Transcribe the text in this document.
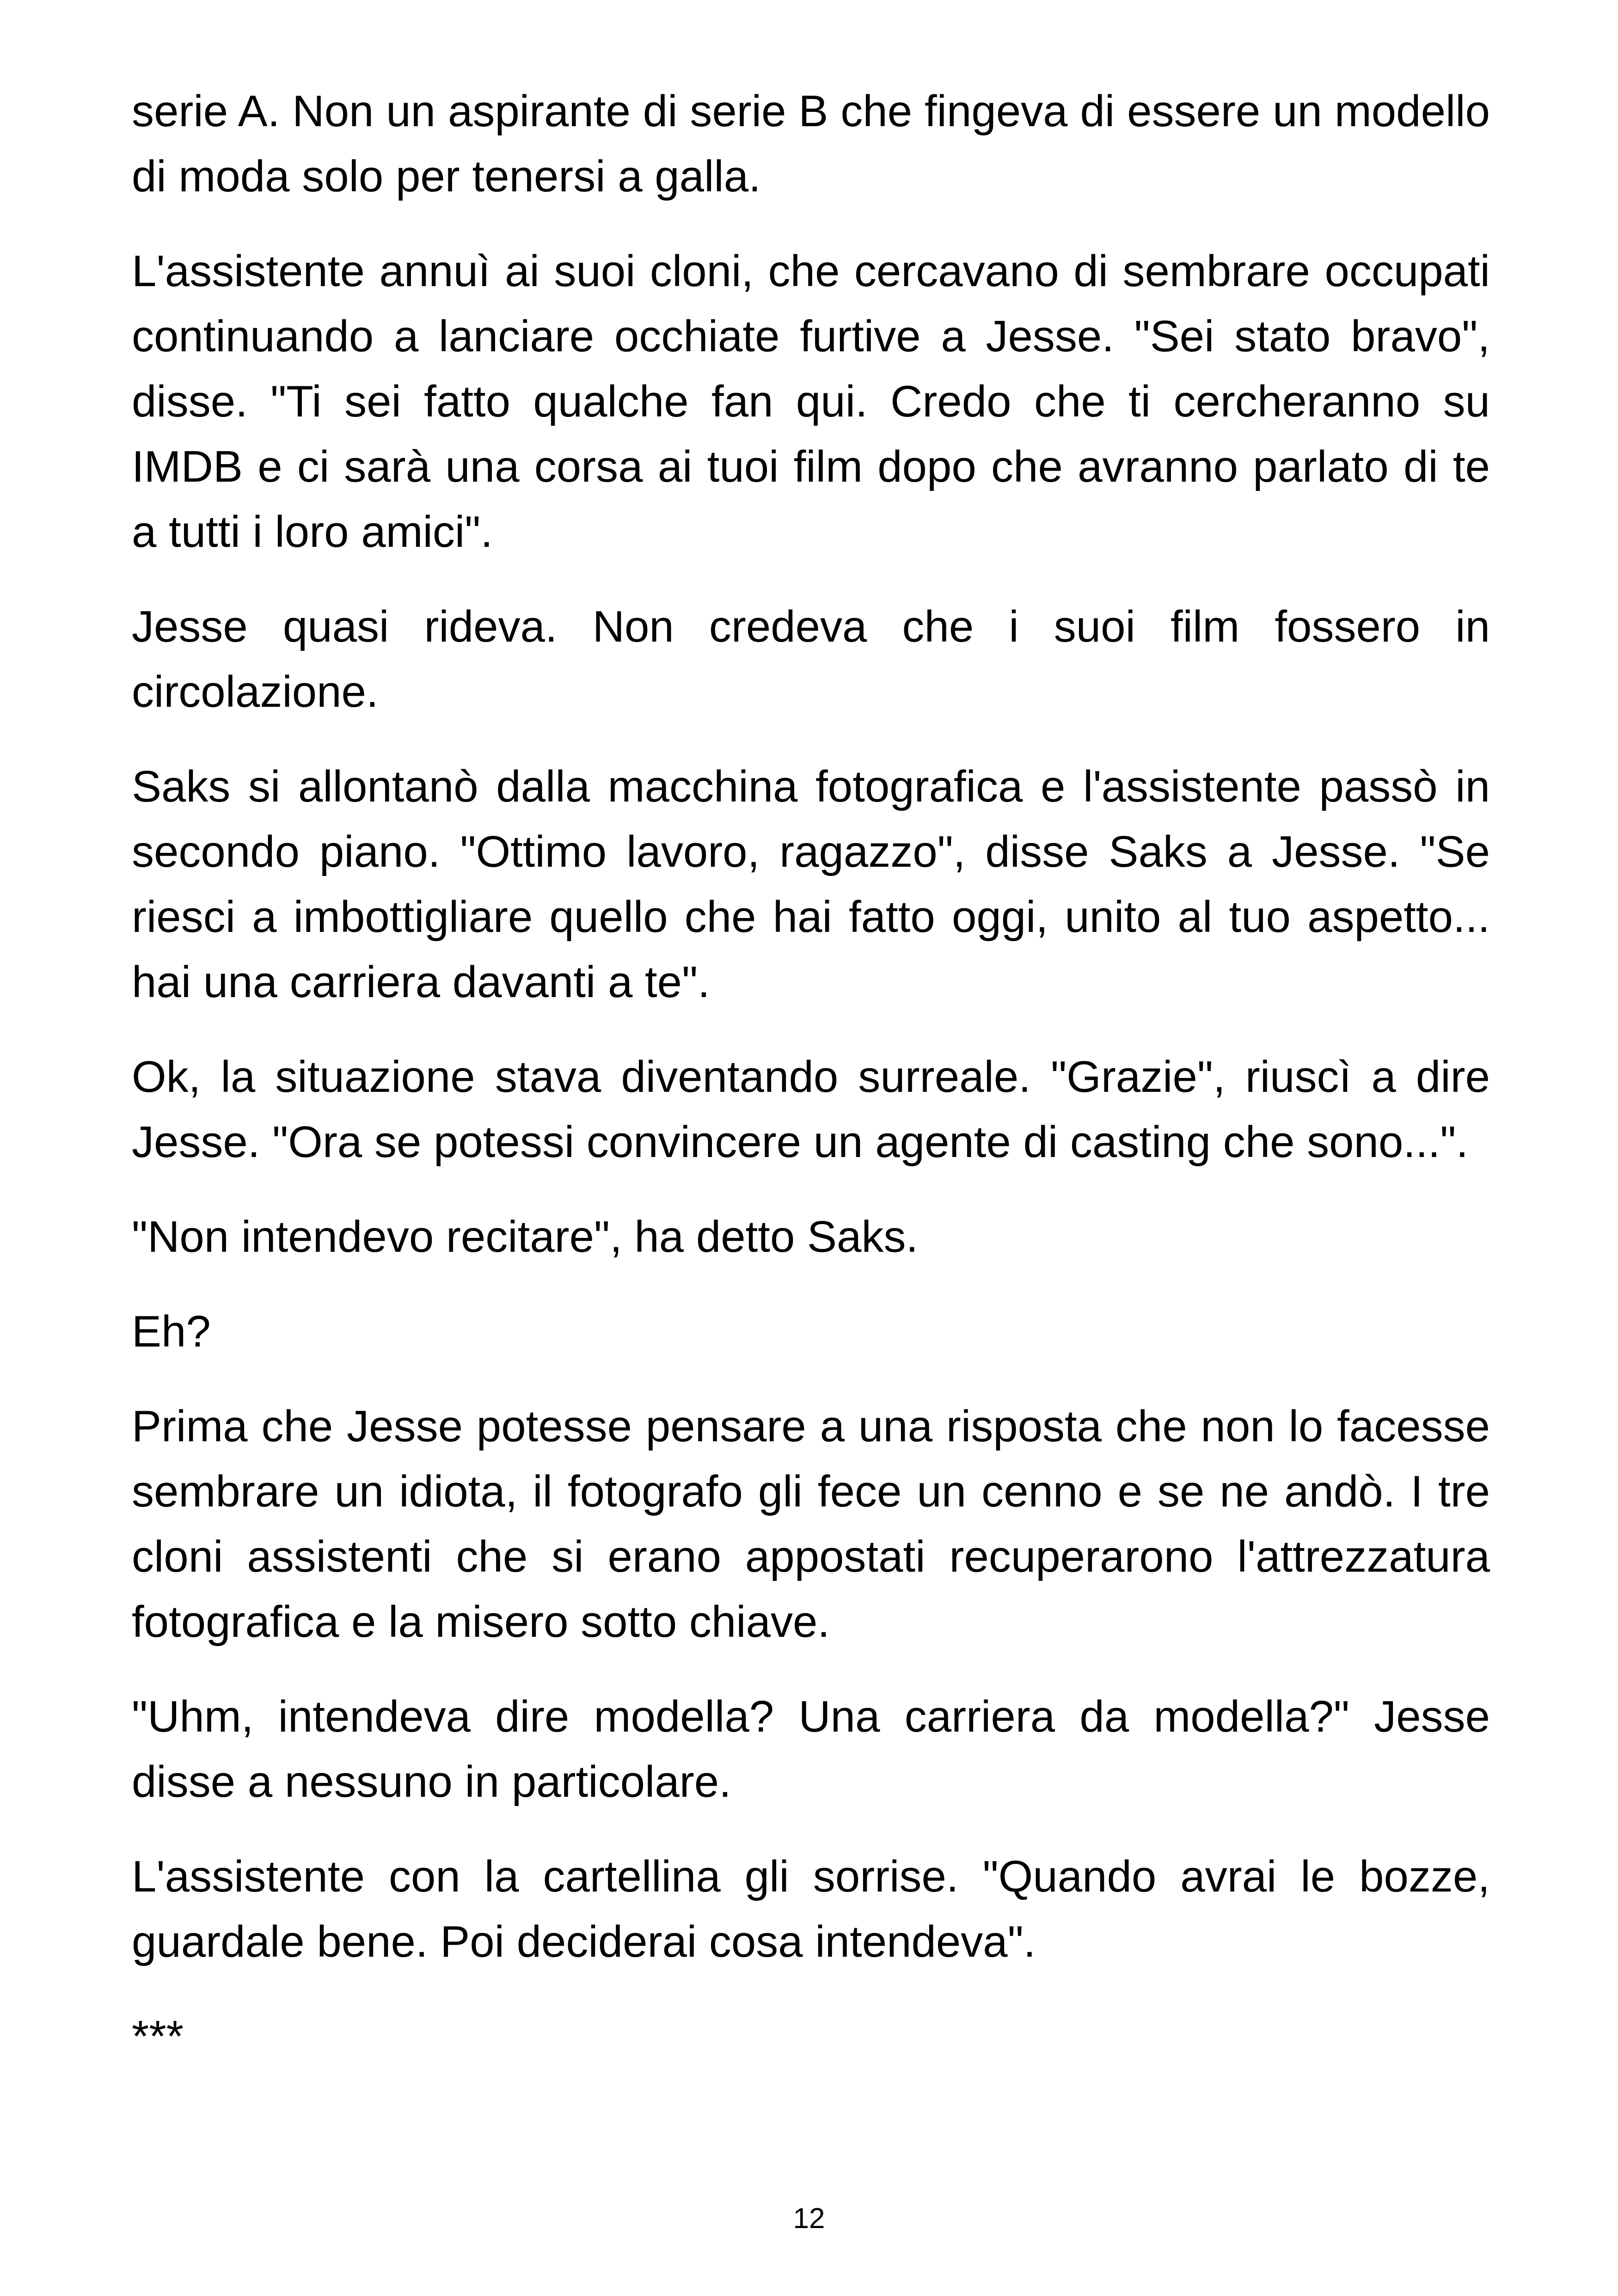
serie A. Non un aspirante di serie B che fingeva di essere un modello di moda solo per tenersi a galla.

L'assistente annuì ai suoi cloni, che cercavano di sembrare occupati continuando a lanciare occhiate furtive a Jesse. "Sei stato bravo", disse. "Ti sei fatto qualche fan qui. Credo che ti cercheranno su IMDB e ci sarà una corsa ai tuoi film dopo che avranno parlato di te a tutti i loro amici".

Jesse quasi rideva. Non credeva che i suoi film fossero in circolazione.

Saks si allontanò dalla macchina fotografica e l'assistente passò in secondo piano. "Ottimo lavoro, ragazzo", disse Saks a Jesse. "Se riesci a imbottigliare quello che hai fatto oggi, unito al tuo aspetto... hai una carriera davanti a te".

Ok, la situazione stava diventando surreale. "Grazie", riuscì a dire Jesse. "Ora se potessi convincere un agente di casting che sono...".

"Non intendevo recitare", ha detto Saks.

Eh?

Prima che Jesse potesse pensare a una risposta che non lo facesse sembrare un idiota, il fotografo gli fece un cenno e se ne andò. I tre cloni assistenti che si erano appostati recuperarono l'attrezzatura fotografica e la misero sotto chiave.

"Uhm, intendeva dire modella? Una carriera da modella?" Jesse disse a nessuno in particolare.

L'assistente con la cartellina gli sorrise. "Quando avrai le bozze, guardale bene. Poi deciderai cosa intendeva".

***

12
